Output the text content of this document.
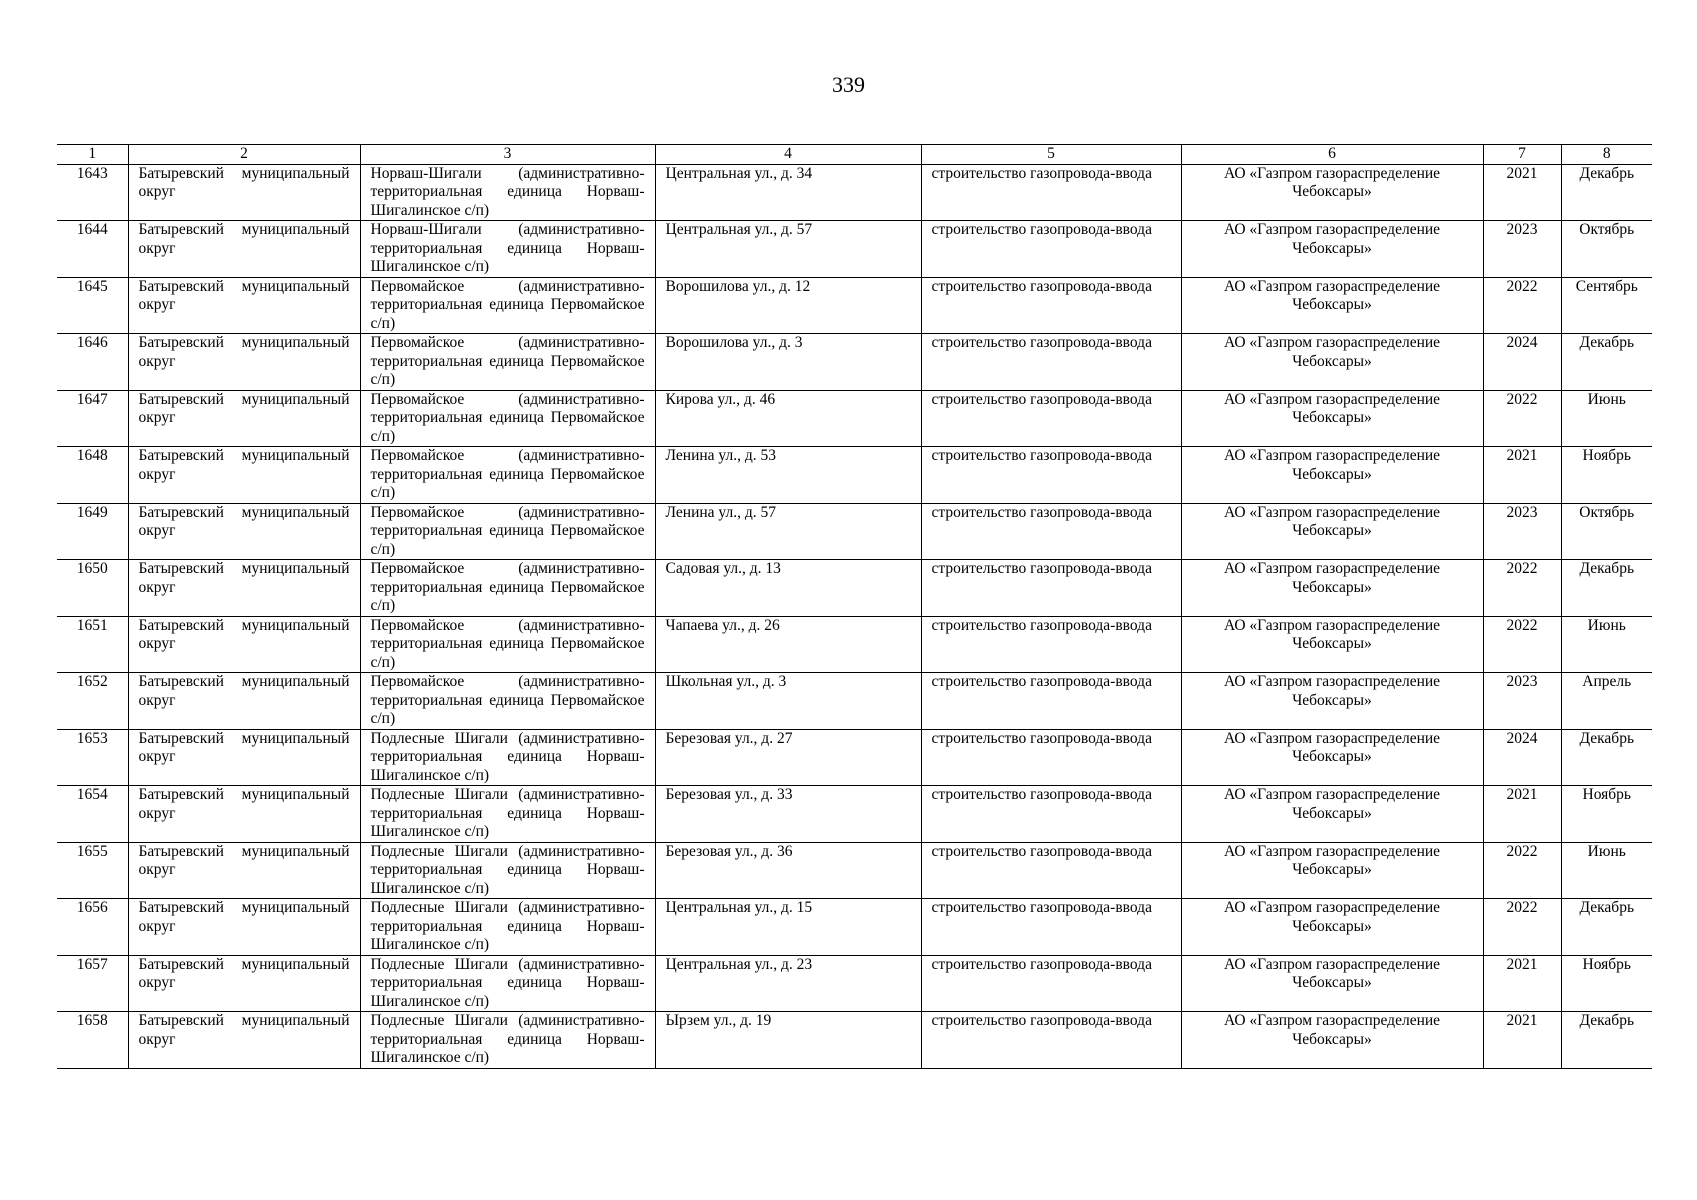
339
1	2	3	4	5	6	7	8
1643	Батыревский муниципальный округ	Норваш-Шигали (административно-территориальная единица Норваш-Шигалинское с/п)	Центральная ул., д. 34	строительство газопровода-ввода	АО «Газпром газораспределение Чебоксары»	2021	Декабрь
1644	Батыревский муниципальный округ	Норваш-Шигали (административно-территориальная единица Норваш-Шигалинское с/п)	Центральная ул., д. 57	строительство газопровода-ввода	АО «Газпром газораспределение Чебоксары»	2023	Октябрь
1645	Батыревский муниципальный округ	Первомайское (административно-территориальная единица Первомайское с/п)	Ворошилова ул., д. 12	строительство газопровода-ввода	АО «Газпром газораспределение Чебоксары»	2022	Сентябрь
1646	Батыревский муниципальный округ	Первомайское (административно-территориальная единица Первомайское с/п)	Ворошилова ул., д. 3	строительство газопровода-ввода	АО «Газпром газораспределение Чебоксары»	2024	Декабрь
1647	Батыревский муниципальный округ	Первомайское (административно-территориальная единица Первомайское с/п)	Кирова ул., д. 46	строительство газопровода-ввода	АО «Газпром газораспределение Чебоксары»	2022	Июнь
1648	Батыревский муниципальный округ	Первомайское (административно-территориальная единица Первомайское с/п)	Ленина ул., д. 53	строительство газопровода-ввода	АО «Газпром газораспределение Чебоксары»	2021	Ноябрь
1649	Батыревский муниципальный округ	Первомайское (административно-территориальная единица Первомайское с/п)	Ленина ул., д. 57	строительство газопровода-ввода	АО «Газпром газораспределение Чебоксары»	2023	Октябрь
1650	Батыревский муниципальный округ	Первомайское (административно-территориальная единица Первомайское с/п)	Садовая ул., д. 13	строительство газопровода-ввода	АО «Газпром газораспределение Чебоксары»	2022	Декабрь
1651	Батыревский муниципальный округ	Первомайское (административно-территориальная единица Первомайское с/п)	Чапаева ул., д. 26	строительство газопровода-ввода	АО «Газпром газораспределение Чебоксары»	2022	Июнь
1652	Батыревский муниципальный округ	Первомайское (административно-территориальная единица Первомайское с/п)	Школьная ул., д. 3	строительство газопровода-ввода	АО «Газпром газораспределение Чебоксары»	2023	Апрель
1653	Батыревский муниципальный округ	Подлесные Шигали (административно-территориальная единица Норваш-Шигалинское с/п)	Березовая ул., д. 27	строительство газопровода-ввода	АО «Газпром газораспределение Чебоксары»	2024	Декабрь
1654	Батыревский муниципальный округ	Подлесные Шигали (административно-территориальная единица Норваш-Шигалинское с/п)	Березовая ул., д. 33	строительство газопровода-ввода	АО «Газпром газораспределение Чебоксары»	2021	Ноябрь
1655	Батыревский муниципальный округ	Подлесные Шигали (административно-территориальная единица Норваш-Шигалинское с/п)	Березовая ул., д. 36	строительство газопровода-ввода	АО «Газпром газораспределение Чебоксары»	2022	Июнь
1656	Батыревский муниципальный округ	Подлесные Шигали (административно-территориальная единица Норваш-Шигалинское с/п)	Центральная ул., д. 15	строительство газопровода-ввода	АО «Газпром газораспределение Чебоксары»	2022	Декабрь
1657	Батыревский муниципальный округ	Подлесные Шигали (административно-территориальная единица Норваш-Шигалинское с/п)	Центральная ул., д. 23	строительство газопровода-ввода	АО «Газпром газораспределение Чебоксары»	2021	Ноябрь
1658	Батыревский муниципальный округ	Подлесные Шигали (административно-территориальная единица Норваш-Шигалинское с/п)	Ырзем ул., д. 19	строительство газопровода-ввода	АО «Газпром газораспределение Чебоксары»	2021	Декабрь
